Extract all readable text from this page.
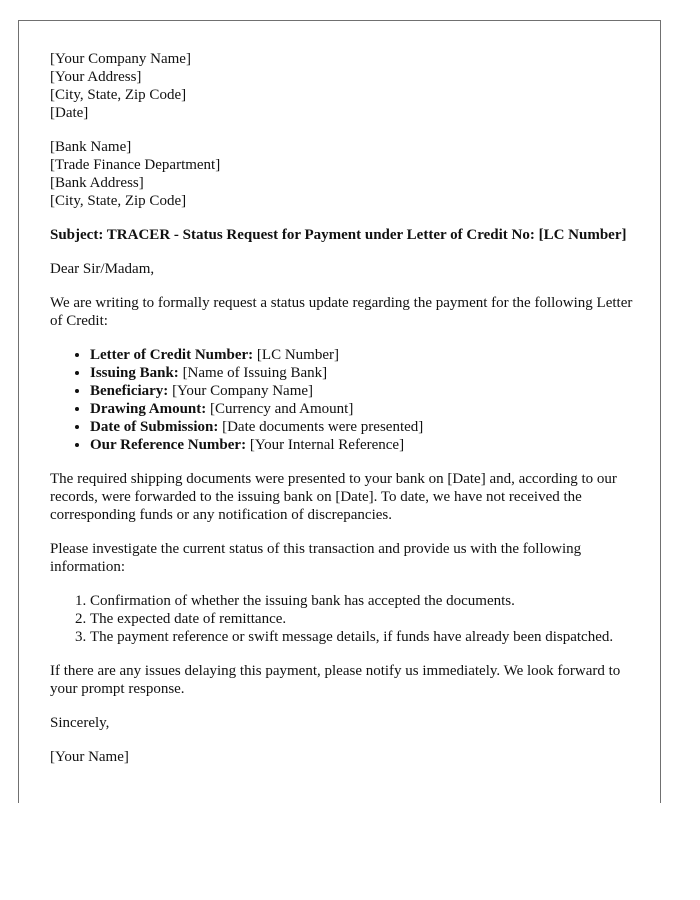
[Your Company Name]
[Your Address]
[City, State, Zip Code]
[Date]
[Bank Name]
[Trade Finance Department]
[Bank Address]
[City, State, Zip Code]

Subject: TRACER - Status Request for Payment under Letter of Credit No: [LC Number]

Dear Sir/Madam,

We are writing to formally request a status update regarding the payment for the following Letter of Credit:

• Letter of Credit Number: [LC Number]
• Issuing Bank: [Name of Issuing Bank]
• Beneficiary: [Your Company Name]
• Drawing Amount: [Currency and Amount]
• Date of Submission: [Date documents were presented]
• Our Reference Number: [Your Internal Reference]

The required shipping documents were presented to your bank on [Date] and, according to our records, were forwarded to the issuing bank on [Date]. To date, we have not received the corresponding funds or any notification of discrepancies.

Please investigate the current status of this transaction and provide us with the following information:

1. Confirmation of whether the issuing bank has accepted the documents.
2. The expected date of remittance.
3. The payment reference or swift message details, if funds have already been dispatched.

If there are any issues delaying this payment, please notify us immediately. We look forward to your prompt response.

Sincerely,

[Your Name]
